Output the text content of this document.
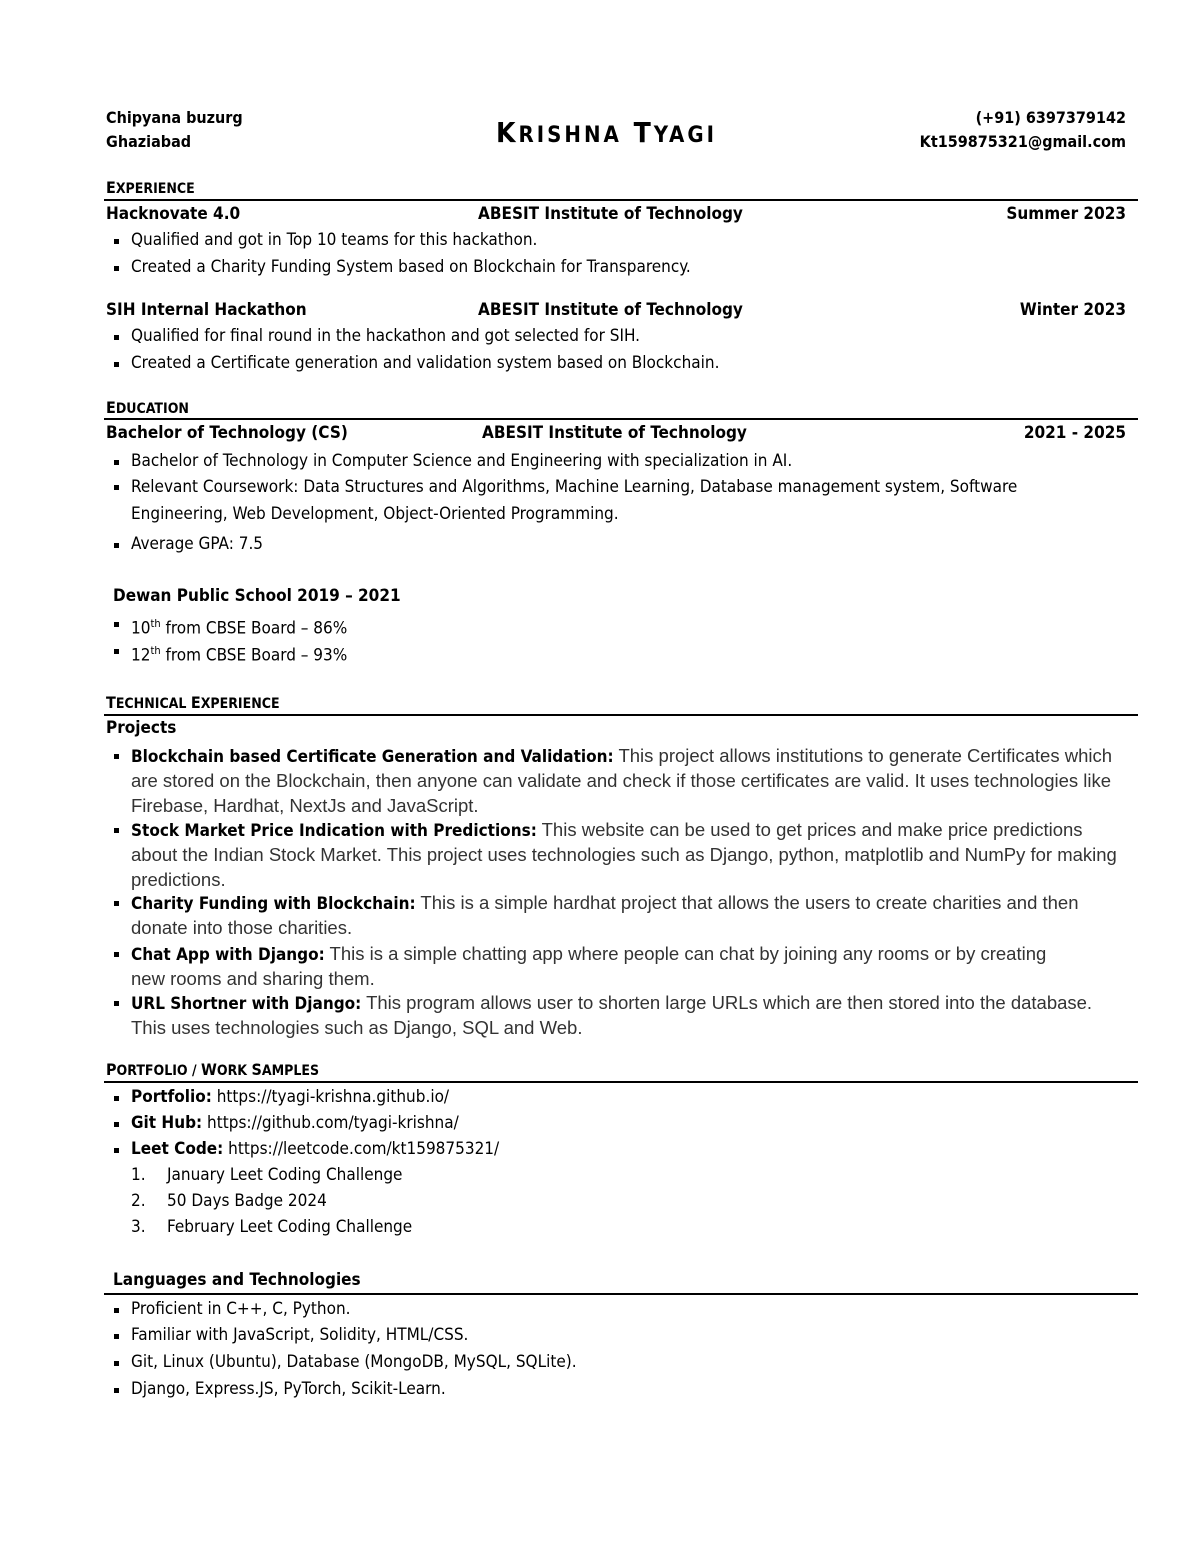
Chipyana buzurg
Ghaziabad	KRISHNA TYAGI
(+91) 6397379142
Kt159875321@gmail.com
EXPERIENCE
Hacknovate 4.0	ABESIT Institute of Technology	Summer 2023
Qualified and got in Top 10 teams for this hackathon.
Created a Charity Funding System based on Blockchain for Transparency.
SIH Internal Hackathon	ABESIT Institute of Technology	Winter 2023
Qualified for final round in the hackathon and got selected for SIH.
Created a Certificate generation and validation system based on Blockchain.
EDUCATION
Bachelor of Technology (CS)	ABESIT Institute of Technology	2021 - 2025
Bachelor of Technology in Computer Science and Engineering with specialization in AI.
Relevant Coursework: Data Structures and Algorithms, Machine Learning, Database management system, Software Engineering, Web Development, Object-Oriented Programming.
Average GPA: 7.5
Dewan Public School 2019 – 2021
10th from CBSE Board – 86%
12th from CBSE Board – 93%
TECHNICAL EXPERIENCE
Projects
Blockchain based Certificate Generation and Validation: This project allows institutions to generate Certificates which are stored on the Blockchain, then anyone can validate and check if those certificates are valid. It uses technologies like Firebase, Hardhat, NextJs and JavaScript.
Stock Market Price Indication with Predictions: This website can be used to get prices and make price predictions about the Indian Stock Market. This project uses technologies such as Django, python, matplotlib and NumPy for making predictions.
Charity Funding with Blockchain: This is a simple hardhat project that allows the users to create charities and then donate into those charities.
Chat App with Django: This is a simple chatting app where people can chat by joining any rooms or by creating new rooms and sharing them.
URL Shortner with Django: This program allows user to shorten large URLs which are then stored into the database. This uses technologies such as Django, SQL and Web.
PORTFOLIO / WORK SAMPLES
Portfolio: https://tyagi-krishna.github.io/
Git Hub: https://github.com/tyagi-krishna/
Leet Code: https://leetcode.com/kt159875321/
1. January Leet Coding Challenge
2. 50 Days Badge 2024
3. February Leet Coding Challenge
Languages and Technologies
Proficient in C++, C, Python.
Familiar with JavaScript, Solidity, HTML/CSS.
Git, Linux (Ubuntu), Database (MongoDB, MySQL, SQLite).
Django, Express.JS, PyTorch, Scikit-Learn.
